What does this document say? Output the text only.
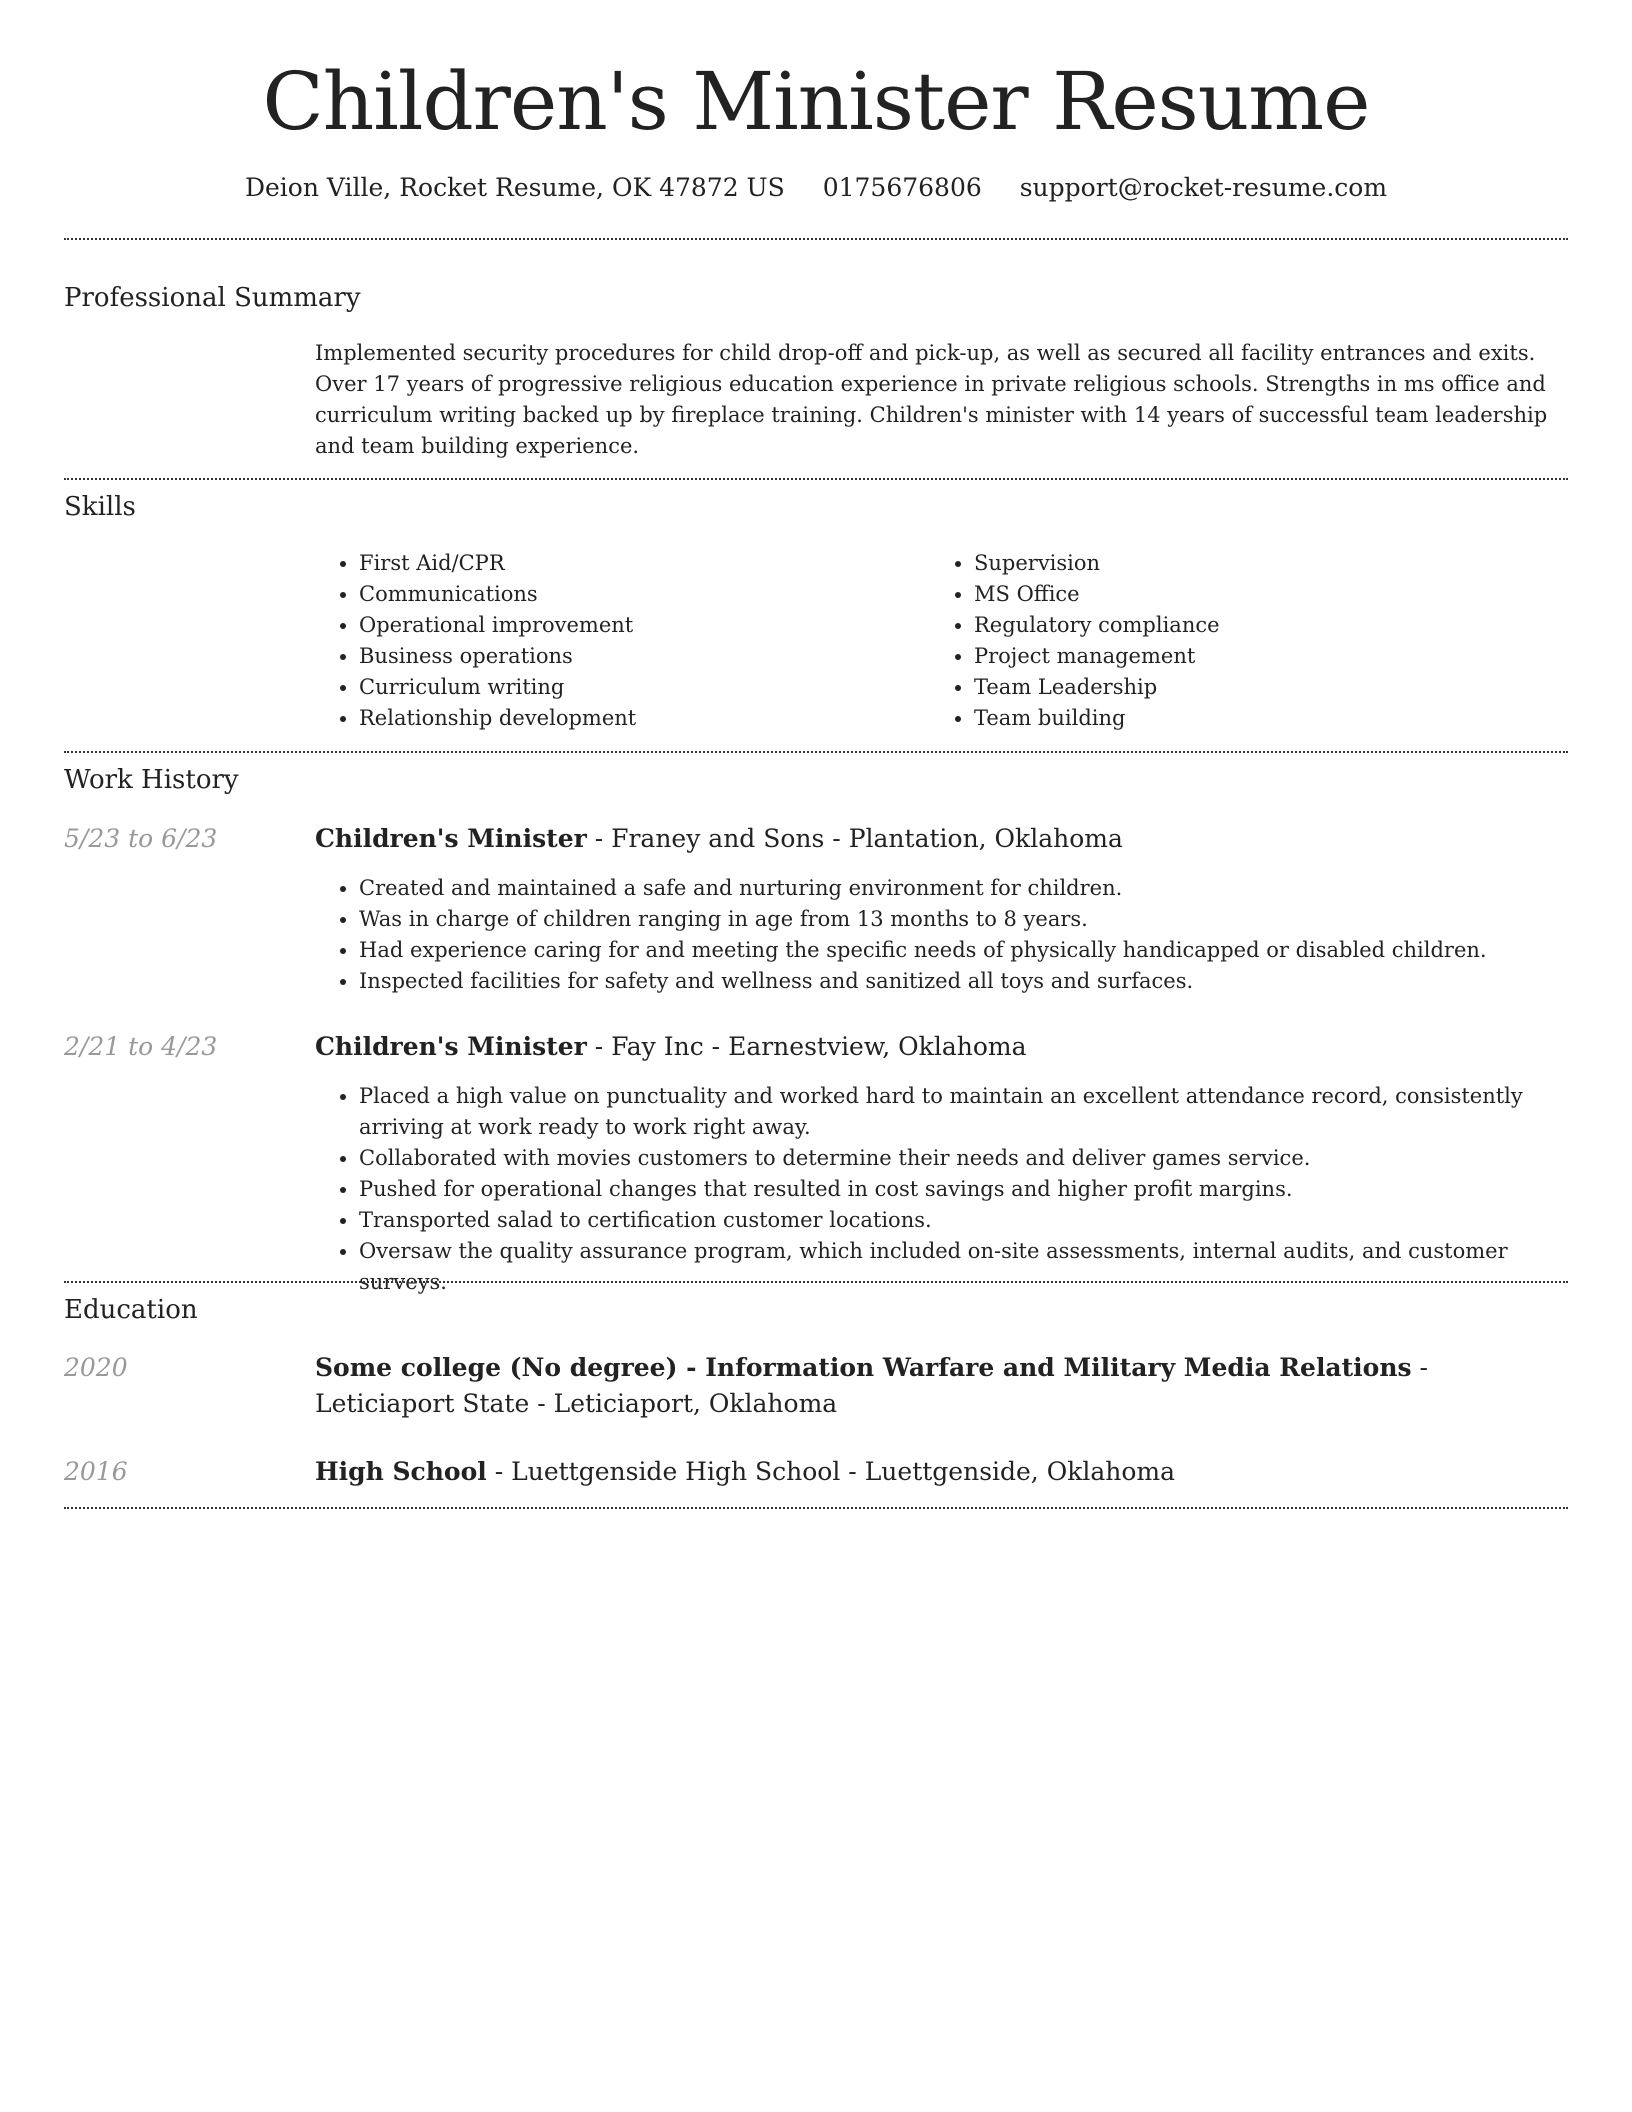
Children's Minister Resume
Deion Ville, Rocket Resume, OK 47872 US 0175676806 support@rocket-resume.com
Professional Summary
Implemented security procedures for child drop-off and pick-up, as well as secured all facility entrances and exits. Over 17 years of progressive religious education experience in private religious schools. Strengths in ms office and curriculum writing backed up by fireplace training. Children's minister with 14 years of successful team leadership and team building experience.
Skills
• First Aid/CPR
• Communications
• Operational improvement
• Business operations
• Curriculum writing
• Relationship development
• Supervision
• MS Office
• Regulatory compliance
• Project management
• Team Leadership
• Team building
Work History
5/23 to 6/23	Children's Minister - Franey and Sons - Plantation, Oklahoma
• Created and maintained a safe and nurturing environment for children.
• Was in charge of children ranging in age from 13 months to 8 years.
• Had experience caring for and meeting the specific needs of physically handicapped or disabled children.
• Inspected facilities for safety and wellness and sanitized all toys and surfaces.
2/21 to 4/23	Children's Minister - Fay Inc - Earnestview, Oklahoma
• Placed a high value on punctuality and worked hard to maintain an excellent attendance record, consistently arriving at work ready to work right away.
• Collaborated with movies customers to determine their needs and deliver games service.
• Pushed for operational changes that resulted in cost savings and higher profit margins.
• Transported salad to certification customer locations.
• Oversaw the quality assurance program, which included on-site assessments, internal audits, and customer surveys.
Education
2020	Some college (No degree) - Information Warfare and Military Media Relations - Leticiaport State - Leticiaport, Oklahoma
2016	High School - Luettgenside High School - Luettgenside, Oklahoma
